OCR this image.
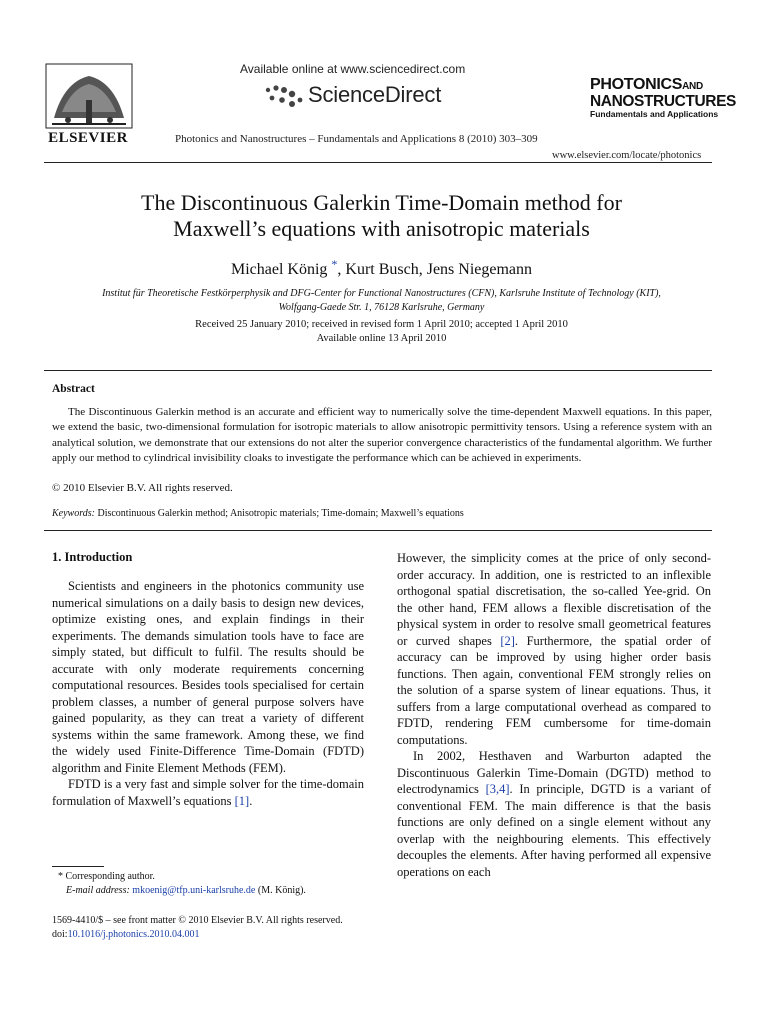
ELSEVIER
Available online at www.sciencedirect.com
ScienceDirect
Photonics and Nanostructures – Fundamentals and Applications 8 (2010) 303–309
PHOTONICSAND
NANOSTRUCTURES
Fundamentals and Applications
www.elsevier.com/locate/photonics
The Discontinuous Galerkin Time-Domain method for
Maxwell’s equations with anisotropic materials
Michael König *, Kurt Busch, Jens Niegemann
Institut für Theoretische Festkörperphysik and DFG-Center for Functional Nanostructures (CFN), Karlsruhe Institute of Technology (KIT),
Wolfgang-Gaede Str. 1, 76128 Karlsruhe, Germany
Received 25 January 2010; received in revised form 1 April 2010; accepted 1 April 2010
Available online 13 April 2010
Abstract
The Discontinuous Galerkin method is an accurate and efficient way to numerically solve the time-dependent Maxwell equations. In this paper, we extend the basic, two-dimensional formulation for isotropic materials to allow anisotropic permittivity tensors. Using a reference system with an analytical solution, we demonstrate that our extensions do not alter the superior convergence characteristics of the fundamental algorithm. We further apply our method to cylindrical invisibility cloaks to investigate the performance which can be achieved in experiments.
© 2010 Elsevier B.V. All rights reserved.
Keywords: Discontinuous Galerkin method; Anisotropic materials; Time-domain; Maxwell’s equations
1. Introduction

Scientists and engineers in the photonics community use numerical simulations on a daily basis to design new devices, optimize existing ones, and explain findings in their experiments. The demands simulation tools have to face are simply stated, but difficult to fulfil. The results should be accurate with only moderate requirements concerning computational resources. Besides tools specialised for certain problem classes, a number of general purpose solvers have gained popularity, as they can treat a variety of different systems within the same framework. Among these, we find the widely used Finite-Difference Time-Domain (FDTD) algorithm and Finite Element Methods (FEM).

FDTD is a very fast and simple solver for the time-domain formulation of Maxwell’s equations [1].

However, the simplicity comes at the price of only second-order accuracy. In addition, one is restricted to an inflexible orthogonal spatial discretisation, the so-called Yee-grid. On the other hand, FEM allows a flexible discretisation of the physical system in order to resolve small geometrical features or curved shapes [2]. Furthermore, the spatial order of accuracy can be improved by using higher order basis functions. Then again, conventional FEM strongly relies on the solution of a sparse system of linear equations. Thus, it suffers from a large computational overhead as compared to FDTD, rendering FEM cumbersome for time-domain computations.

In 2002, Hesthaven and Warburton adapted the Discontinuous Galerkin Time-Domain (DGTD) method to electrodynamics [3,4]. In principle, DGTD is a variant of conventional FEM. The main difference is that the basis functions are only defined on a single element without any overlap with the neighbouring elements. This effectively decouples the elements. After having performed all expensive operations on each

* Corresponding author.
E-mail address: mkoenig@tfp.uni-karlsruhe.de (M. König).
1569-4410/$ – see front matter © 2010 Elsevier B.V. All rights reserved.
doi:10.1016/j.photonics.2010.04.001
